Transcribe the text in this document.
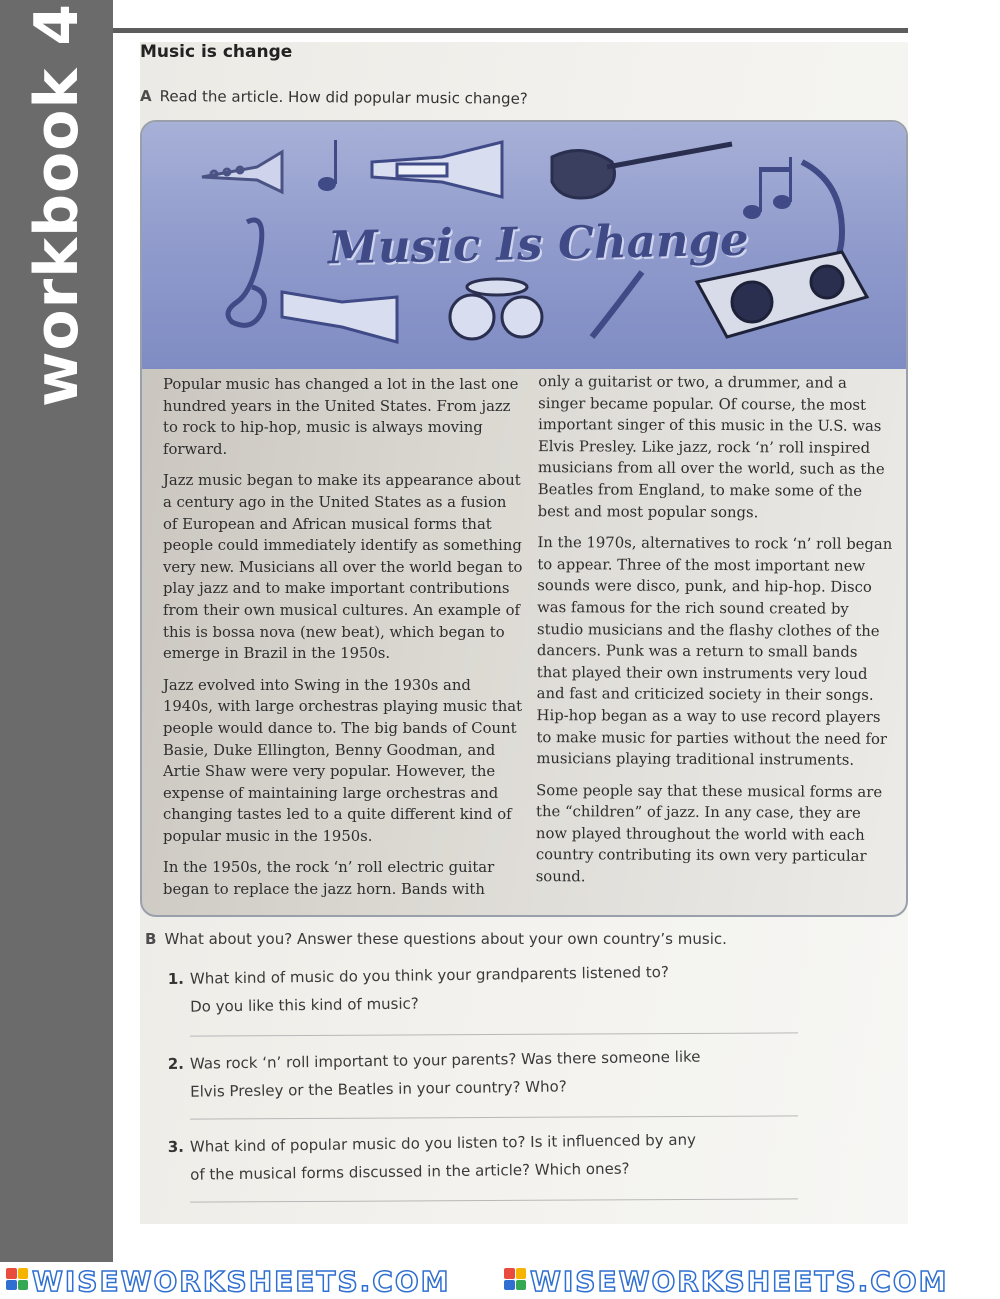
workbook 4	Music is change
A Read the article. How did popular music change?
Music Is Change

Popular music has changed a lot in the last one hundred years in the United States. From jazz to rock to hip-hop, music is always moving forward.

Jazz music began to make its appearance about a century ago in the United States as a fusion of European and African musical forms that people could immediately identify as something very new. Musicians all over the world began to play jazz and to make important contributions from their own musical cultures. An example of this is bossa nova (new beat), which began to emerge in Brazil in the 1950s.

Jazz evolved into Swing in the 1930s and 1940s, with large orchestras playing music that people would dance to. The big bands of Count Basie, Duke Ellington, Benny Goodman, and Artie Shaw were very popular. However, the expense of maintaining large orchestras and changing tastes led to a quite different kind of popular music in the 1950s.

In the 1950s, the rock ‘n’ roll electric guitar began to replace the jazz horn. Bands with

only a guitarist or two, a drummer, and a singer became popular. Of course, the most important singer of this music in the U.S. was Elvis Presley. Like jazz, rock ‘n’ roll inspired musicians from all over the world, such as the Beatles from England, to make some of the best and most popular songs.

In the 1970s, alternatives to rock ‘n’ roll began to appear. Three of the most important new sounds were disco, punk, and hip-hop. Disco was famous for the rich sound created by studio musicians and the flashy clothes of the dancers. Punk was a return to small bands that played their own instruments very loud and fast and criticized society in their songs. Hip-hop began as a way to use record players to make music for parties without the need for musicians playing traditional instruments.

Some people say that these musical forms are the “children” of jazz. In any case, they are now played throughout the world with each country contributing its own very particular sound.

B What about you? Answer these questions about your own country’s music.
1. What kind of music do you think your grandparents listened to?
Do you like this kind of music?
2. Was rock ‘n’ roll important to your parents? Was there someone like
Elvis Presley or the Beatles in your country? Who?
3. What kind of popular music do you listen to? Is it influenced by any
of the musical forms discussed in the article? Which ones?
WISEWORKSHEETS.COM	WISEWORKSHEETS.COM
